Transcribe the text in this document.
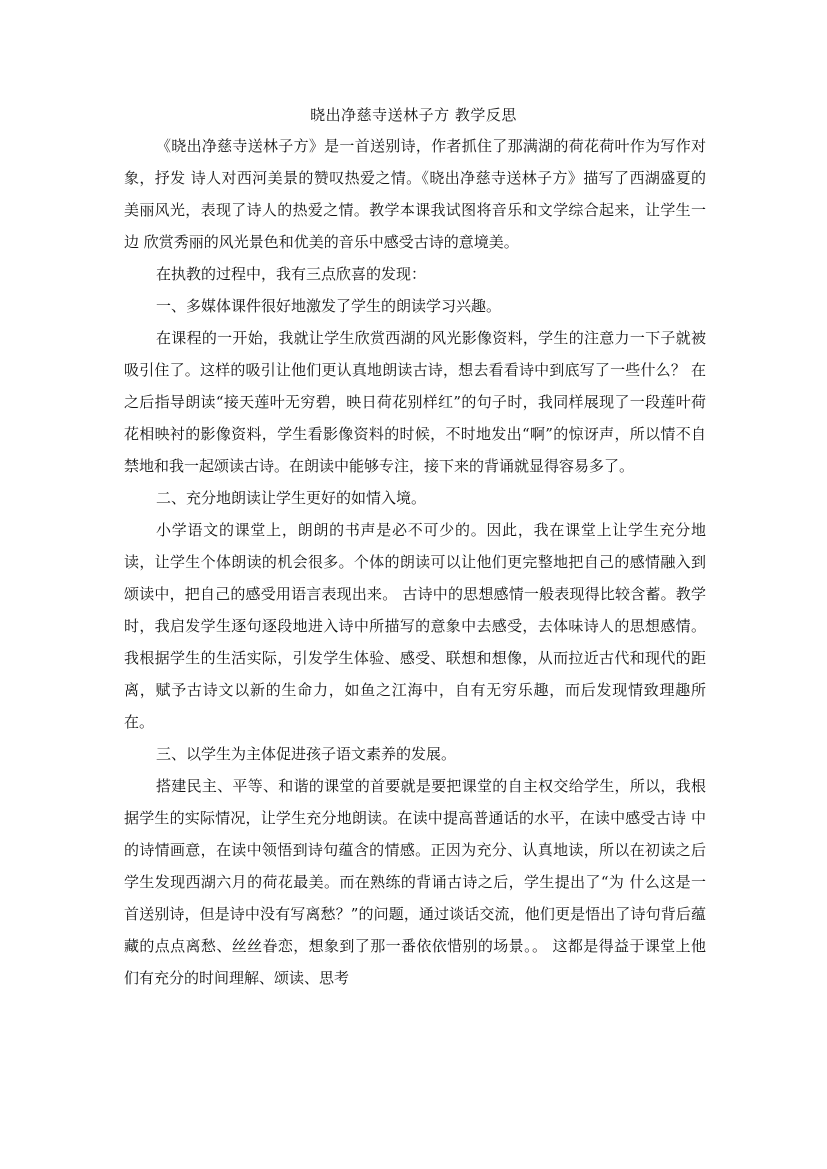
晓出净慈寺送林子方 教学反思

《晓出净慈寺送林子方》是一首送别诗，作者抓住了那满湖的荷花荷叶作为写作对象，抒发 诗人对西河美景的赞叹热爱之情。《晓出净慈寺送林子方》描写了西湖盛夏的美丽风光，表现了诗人的热爱之情。教学本课我试图将音乐和文学综合起来，让学生一边 欣赏秀丽的风光景色和优美的音乐中感受古诗的意境美。

在执教的过程中，我有三点欣喜的发现：

一、多媒体课件很好地激发了学生的朗读学习兴趣。

在课程的一开始，我就让学生欣赏西湖的风光影像资料，学生的注意力一下子就被吸引住了。这样的吸引让他们更认真地朗读古诗，想去看看诗中到底写了一些什么？ 在之后指导朗读“接天莲叶无穷碧，映日荷花别样红”的句子时，我同样展现了一段莲叶荷花相映衬的影像资料，学生看影像资料的时候，不时地发出“啊”的惊讶声，所以情不自禁地和我一起颂读古诗。在朗读中能够专注，接下来的背诵就显得容易多了。

二、充分地朗读让学生更好的如情入境。

小学语文的课堂上，朗朗的书声是必不可少的。因此，我在课堂上让学生充分地读，让学生个体朗读的机会很多。个体的朗读可以让他们更完整地把自己的感情融入到 颂读中，把自己的感受用语言表现出来。 古诗中的思想感情一般表现得比较含蓄。教学时，我启发学生逐句逐段地进入诗中所描写的意象中去感受，去体味诗人的思想感情。我根据学生的生活实际，引发学生体验、感受、联想和想像，从而拉近古代和现代的距离，赋予古诗文以新的生命力，如鱼之江海中，自有无穷乐趣，而后发现情致理趣所在。

三、以学生为主体促进孩子语文素养的发展。

搭建民主、平等、和谐的课堂的首要就是要把课堂的自主权交给学生，所以，我根据学生的实际情况，让学生充分地朗读。在读中提高普通话的水平，在读中感受古诗 中的诗情画意，在读中领悟到诗句蕴含的情感。正因为充分、认真地读，所以在初读之后学生发现西湖六月的荷花最美。而在熟练的背诵古诗之后，学生提出了“为 什么这是一首送别诗，但是诗中没有写离愁？”的问题，通过谈话交流，他们更是悟出了诗句背后蕴藏的点点离愁、丝丝眷恋，想象到了那一番依依惜别的场景。。 这都是得益于课堂上他们有充分的时间理解、颂读、思考
